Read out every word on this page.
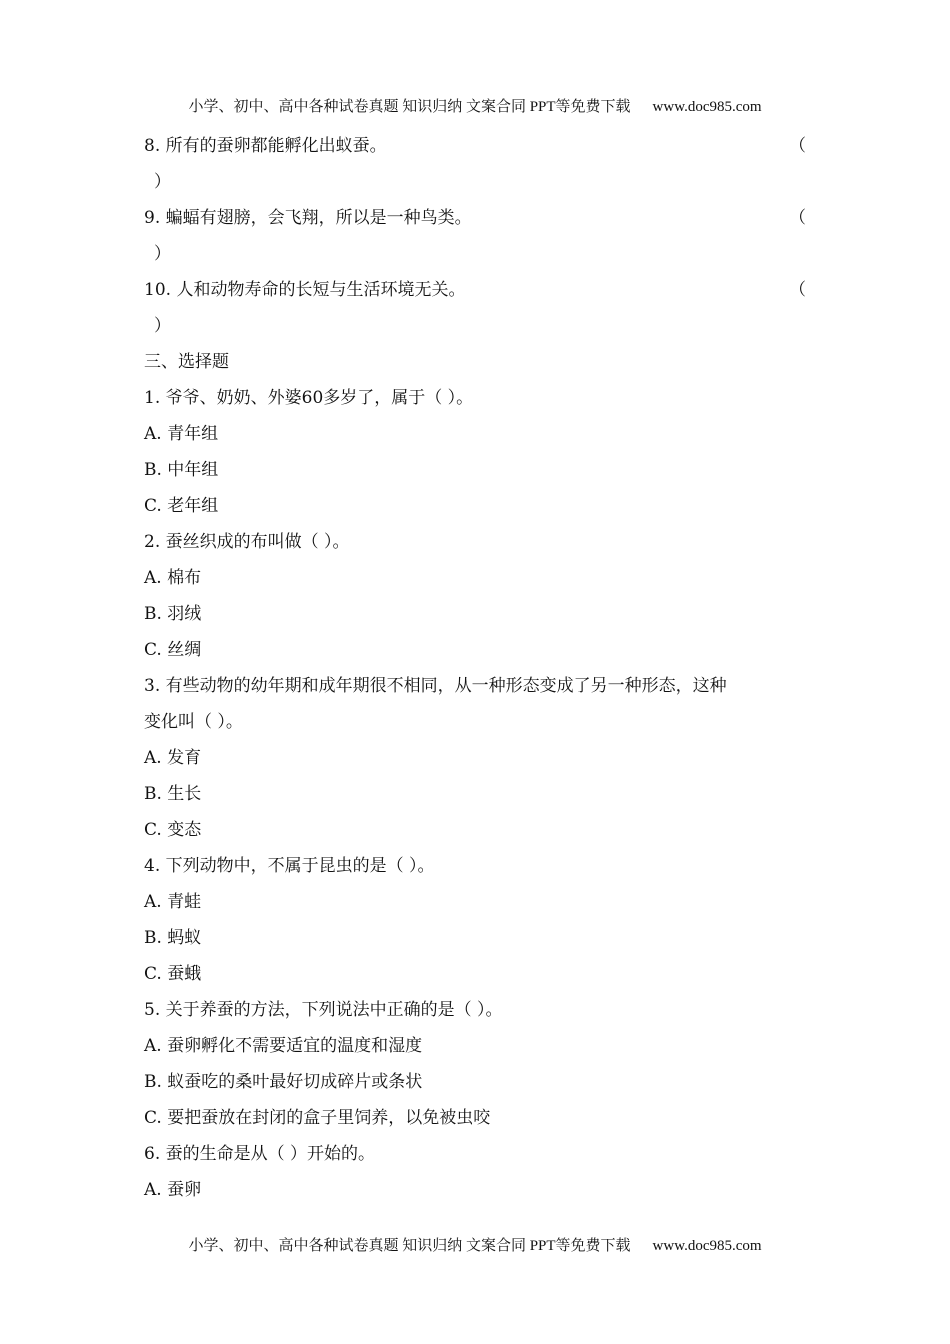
小学、初中、高中各种试卷真题 知识归纳 文案合同 PPT等免费下载 www.doc985.com
8. 所有的蚕卵都能孵化出蚁蚕。	（
）
9. 蝙蝠有翅膀，会飞翔，所以是一种鸟类。	（
）
10. 人和动物寿命的长短与生活环境无关。	（
）
三、选择题
1. 爷爷、奶奶、外婆60多岁了，属于（ ）。
A. 青年组
B. 中年组
C. 老年组
2. 蚕丝织成的布叫做（ ）。
A. 棉布
B. 羽绒
C. 丝绸
3. 有些动物的幼年期和成年期很不相同，从一种形态变成了另一种形态，这种
变化叫（ ）。
A. 发育
B. 生长
C. 变态
4. 下列动物中，不属于昆虫的是（ ）。
A. 青蛙
B. 蚂蚁
C. 蚕蛾
5. 关于养蚕的方法，下列说法中正确的是（ ）。
A. 蚕卵孵化不需要适宜的温度和湿度
B. 蚁蚕吃的桑叶最好切成碎片或条状
C. 要把蚕放在封闭的盒子里饲养，以免被虫咬
6. 蚕的生命是从（ ）开始的。
A. 蚕卵
小学、初中、高中各种试卷真题 知识归纳 文案合同 PPT等免费下载 www.doc985.com
